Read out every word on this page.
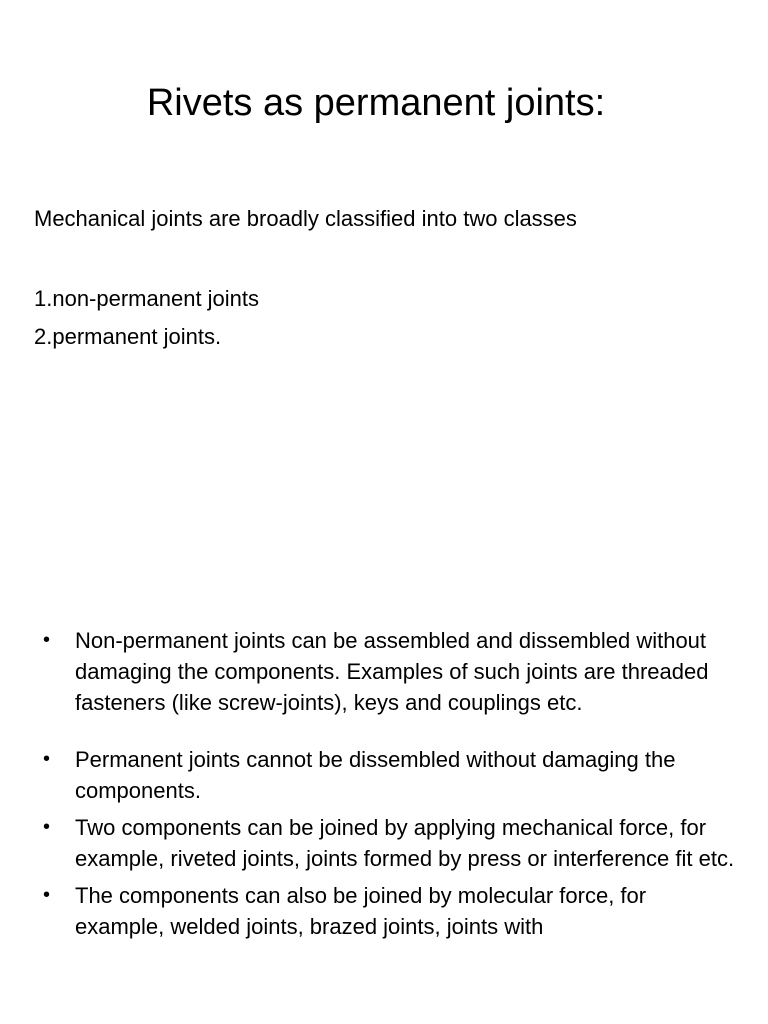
Rivets as permanent joints:

Mechanical joints are broadly classified into two classes

1.non-permanent joints
2.permanent joints.
• Non-permanent joints can be assembled and dissembled without damaging the components. Examples of such joints are threaded fasteners (like screw-joints), keys and couplings etc.
• Permanent joints cannot be dissembled without damaging the components.
• Two components can be joined by applying mechanical force, for example, riveted joints, joints formed by press or interference fit etc.
• The components can also be joined by molecular force, for example, welded joints, brazed joints, joints with
